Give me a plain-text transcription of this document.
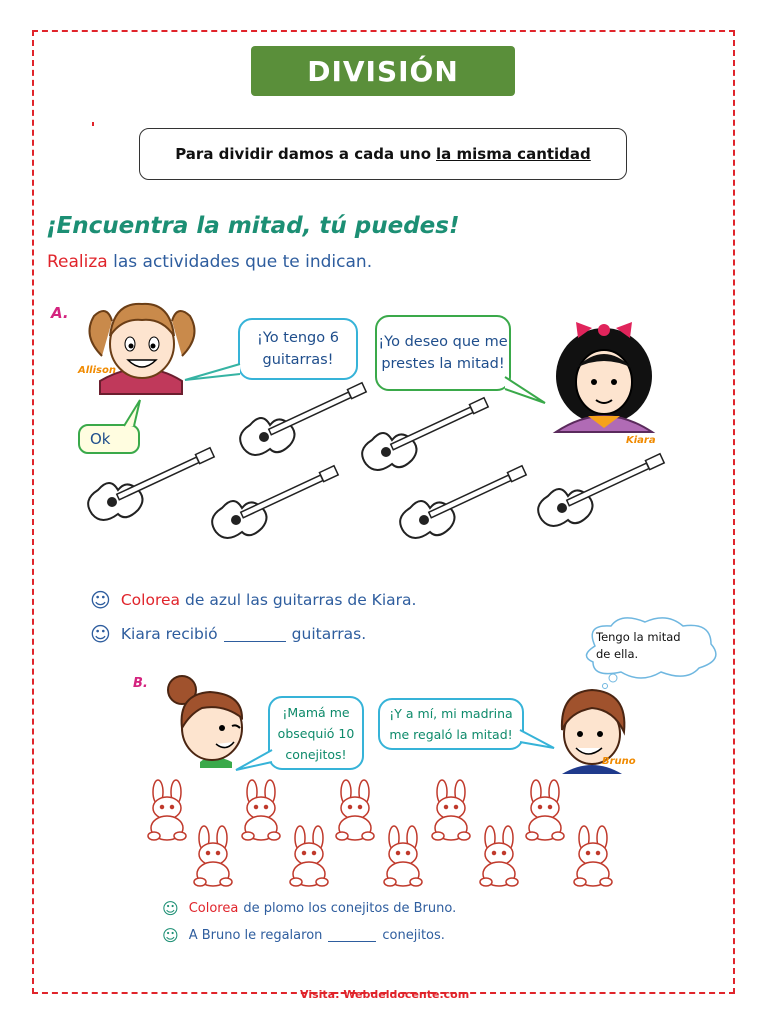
DIVISIÓN
Para dividir damos a cada uno la misma cantidad
¡Encuentra la mitad, tú puedes!
Realiza las actividades que te indican.
A.
Allison
¡Yo tengo 6 guitarras!
Ok
¡Yo deseo que me prestes la mitad!
Kiara
☺ Colorea de azul las guitarras de Kiara.
☺ Kiara recibió	guitarras.	Tengo la mitad de ella.
B.
¡Mamá me obsequió 10 conejitos!
¡Y a mí, mi madrina me regaló la mitad!
Bruno
☺ Colorea de plomo los conejitos de Bruno.
☺ A Bruno le regalaron	conejitos.
Visita: Webdeldocente.com
